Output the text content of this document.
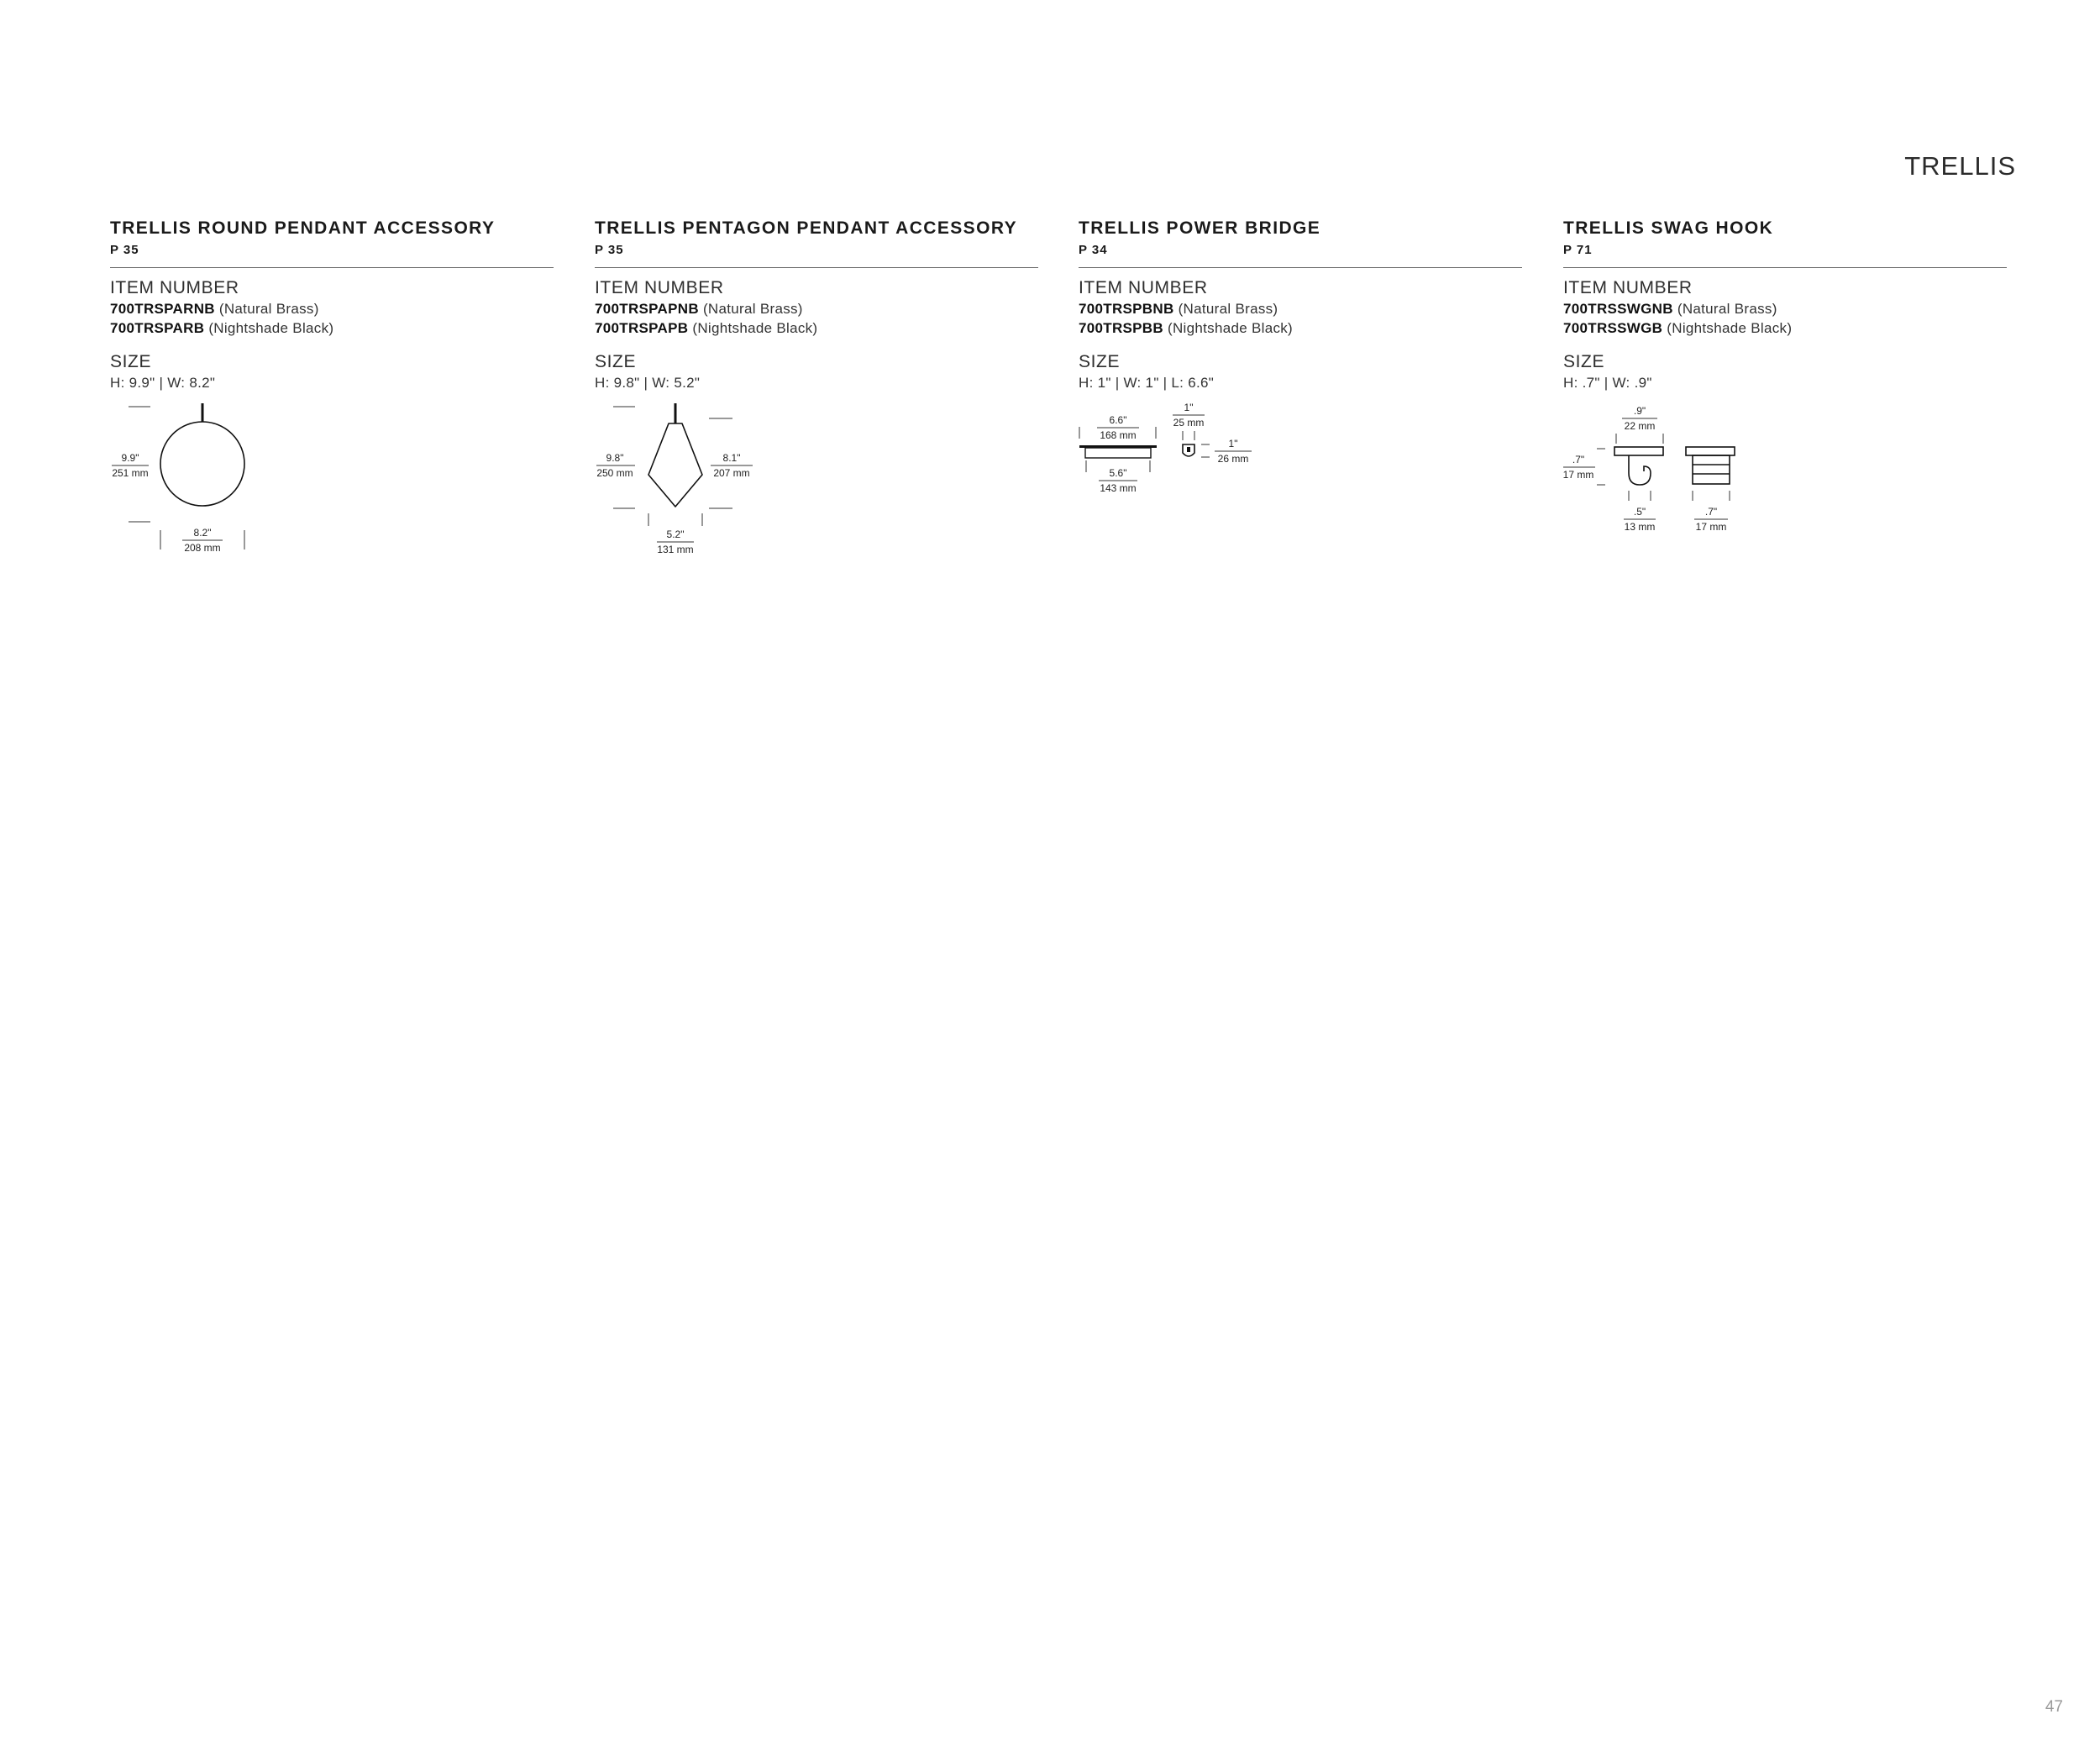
TRELLIS
TRELLIS ROUND PENDANT ACCESSORY
P 35
ITEM NUMBER
700TRSPARNB (Natural Brass)
700TRSPARB (Nightshade Black)
SIZE
H: 9.9" | W: 8.2"
9.9"
251 mm
8.2"
208 mm
TRELLIS PENTAGON PENDANT ACCESSORY
P 35
ITEM NUMBER
700TRSPAPNB (Natural Brass)
700TRSPAPB (Nightshade Black)
SIZE
H: 9.8" | W: 5.2"
9.8"
250 mm
8.1"
207 mm
5.2"
131 mm
TRELLIS POWER BRIDGE
P 34
ITEM NUMBER
700TRSPBNB (Natural Brass)
700TRSPBB (Nightshade Black)
SIZE
H: 1" | W: 1" | L: 6.6"
6.6"
168 mm
5.6"
143 mm
1"
25 mm
1"
26 mm
TRELLIS SWAG HOOK
P 71
ITEM NUMBER
700TRSSWGNB (Natural Brass)
700TRSSWGB (Nightshade Black)
SIZE
H: .7" | W: .9"
.9"
22 mm
.7"
17 mm
.5"
13 mm
.7"
17 mm
47
